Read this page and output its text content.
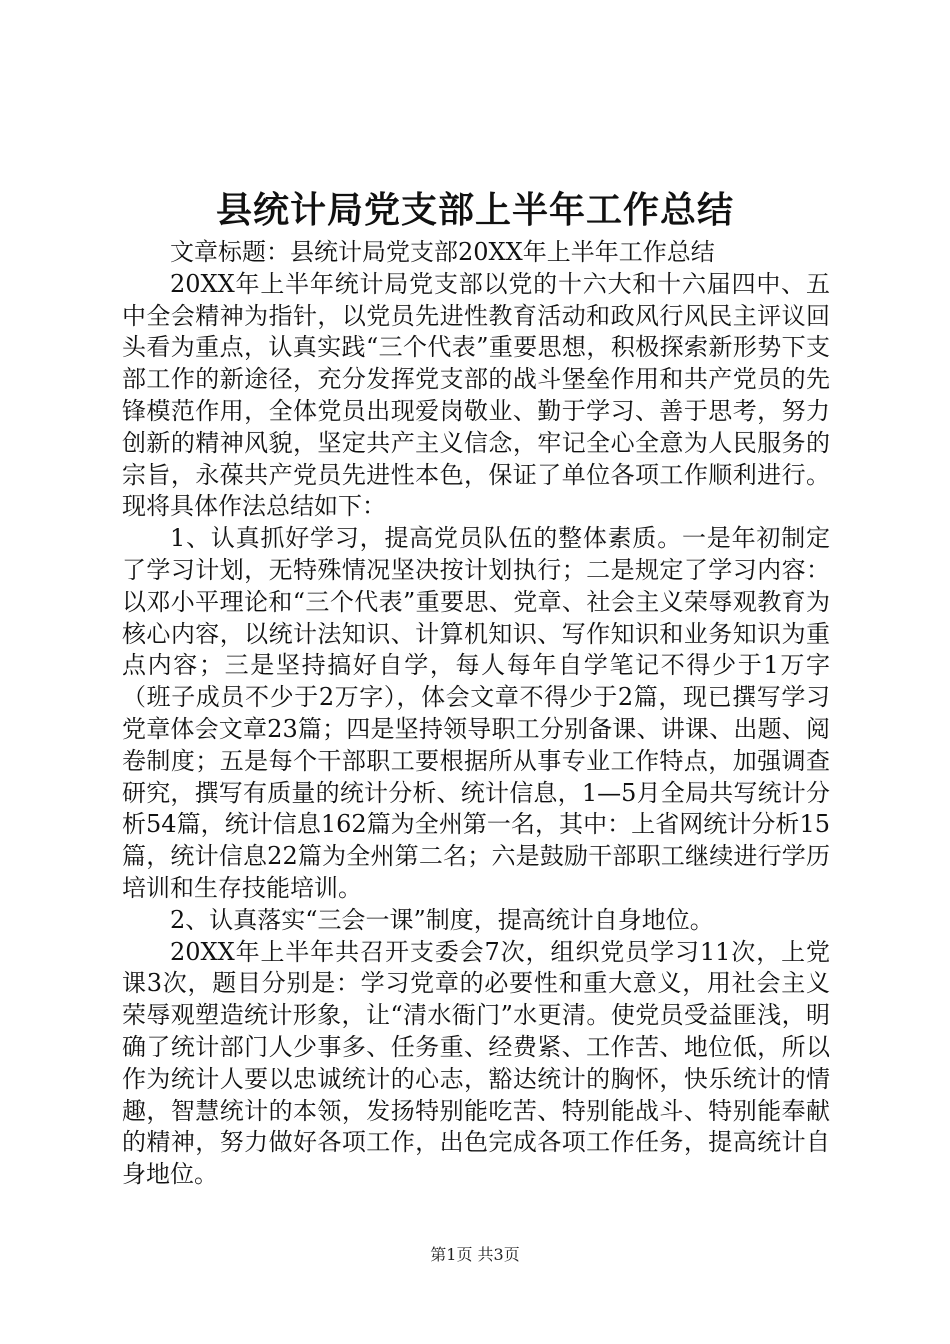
县统计局党支部上半年工作总结

文章标题：县统计局党支部20XX年上半年工作总结

20XX年上半年统计局党支部以党的十六大和十六届四中、五中全会精神为指针，以党员先进性教育活动和政风行风民主评议回头看为重点，认真实践“三个代表”重要思想，积极探索新形势下支部工作的新途径，充分发挥党支部的战斗堡垒作用和共产党员的先锋模范作用，全体党员出现爱岗敬业、勤于学习、善于思考，努力创新的精神风貌，坚定共产主义信念，牢记全心全意为人民服务的宗旨，永葆共产党员先进性本色，保证了单位各项工作顺利进行。现将具体作法总结如下：

1、认真抓好学习，提高党员队伍的整体素质。一是年初制定了学习计划，无特殊情况坚决按计划执行；二是规定了学习内容：以邓小平理论和“三个代表”重要思、党章、社会主义荣辱观教育为核心内容，以统计法知识、计算机知识、写作知识和业务知识为重点内容；三是坚持搞好自学，每人每年自学笔记不得少于1万字（班子成员不少于2万字），体会文章不得少于2篇，现已撰写学习党章体会文章23篇；四是坚持领导职工分别备课、讲课、出题、阅卷制度；五是每个干部职工要根据所从事专业工作特点，加强调查研究，撰写有质量的统计分析、统计信息，1—5月全局共写统计分析54篇，统计信息162篇为全州第一名，其中：上省网统计分析15篇，统计信息22篇为全州第二名；六是鼓励干部职工继续进行学历培训和生存技能培训。

2、认真落实“三会一课”制度，提高统计自身地位。

20XX年上半年共召开支委会7次，组织党员学习11次，上党课3次，题目分别是：学习党章的必要性和重大意义，用社会主义荣辱观塑造统计形象，让“清水衙门”水更清。使党员受益匪浅，明确了统计部门人少事多、任务重、经费紧、工作苦、地位低，所以作为统计人要以忠诚统计的心志，豁达统计的胸怀，快乐统计的情趣，智慧统计的本领，发扬特别能吃苦、特别能战斗、特别能奉献的精神，努力做好各项工作，出色完成各项工作任务，提高统计自身地位。

第1页 共3页
